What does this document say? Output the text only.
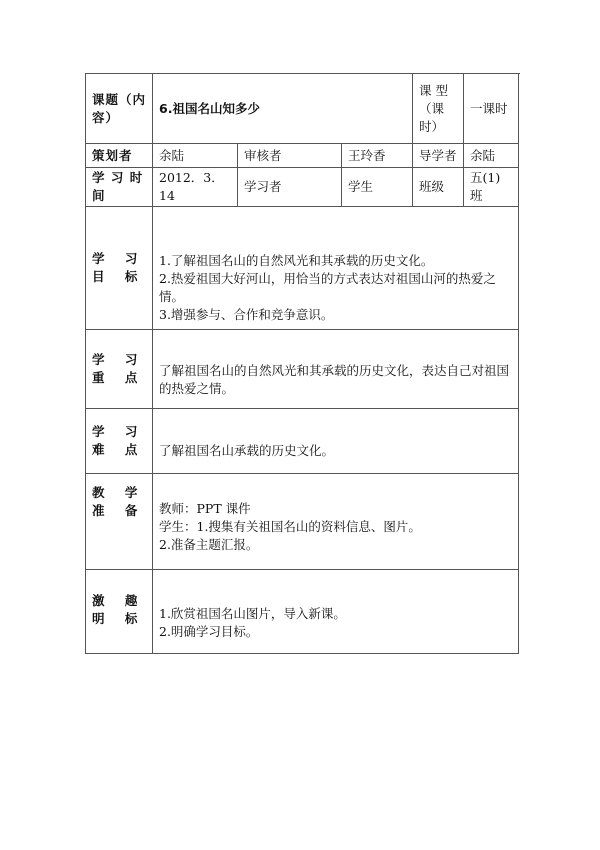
课题（内容）	6.祖国名山知多少			课 型（课时）	一课时
策划者	余陆	审核者	王玲香	导学者	余陆
学 习 时 间	2012．3．14	学习者	学生	班级	五(1)班
学 习 目 标	1.了解祖国名山的自然风光和其承载的历史文化。

2.热爱祖国大好河山，用恰当的方式表达对祖国山河的热爱之情。

3.增强参与、合作和竞争意识。				

学 习 重 点	了解祖国名山的自然风光和其承载的历史文化，表达自己对祖国的热爱之情。				

学 习 难 点	了解祖国名山承载的历史文化。				

教 学 准 备	教师：PPT 课件

学生：1.搜集有关祖国名山的资料信息、图片。

2.准备主题汇报。				

激 趣 明 标	1.欣赏祖国名山图片，导入新课。

2.明确学习目标。				
